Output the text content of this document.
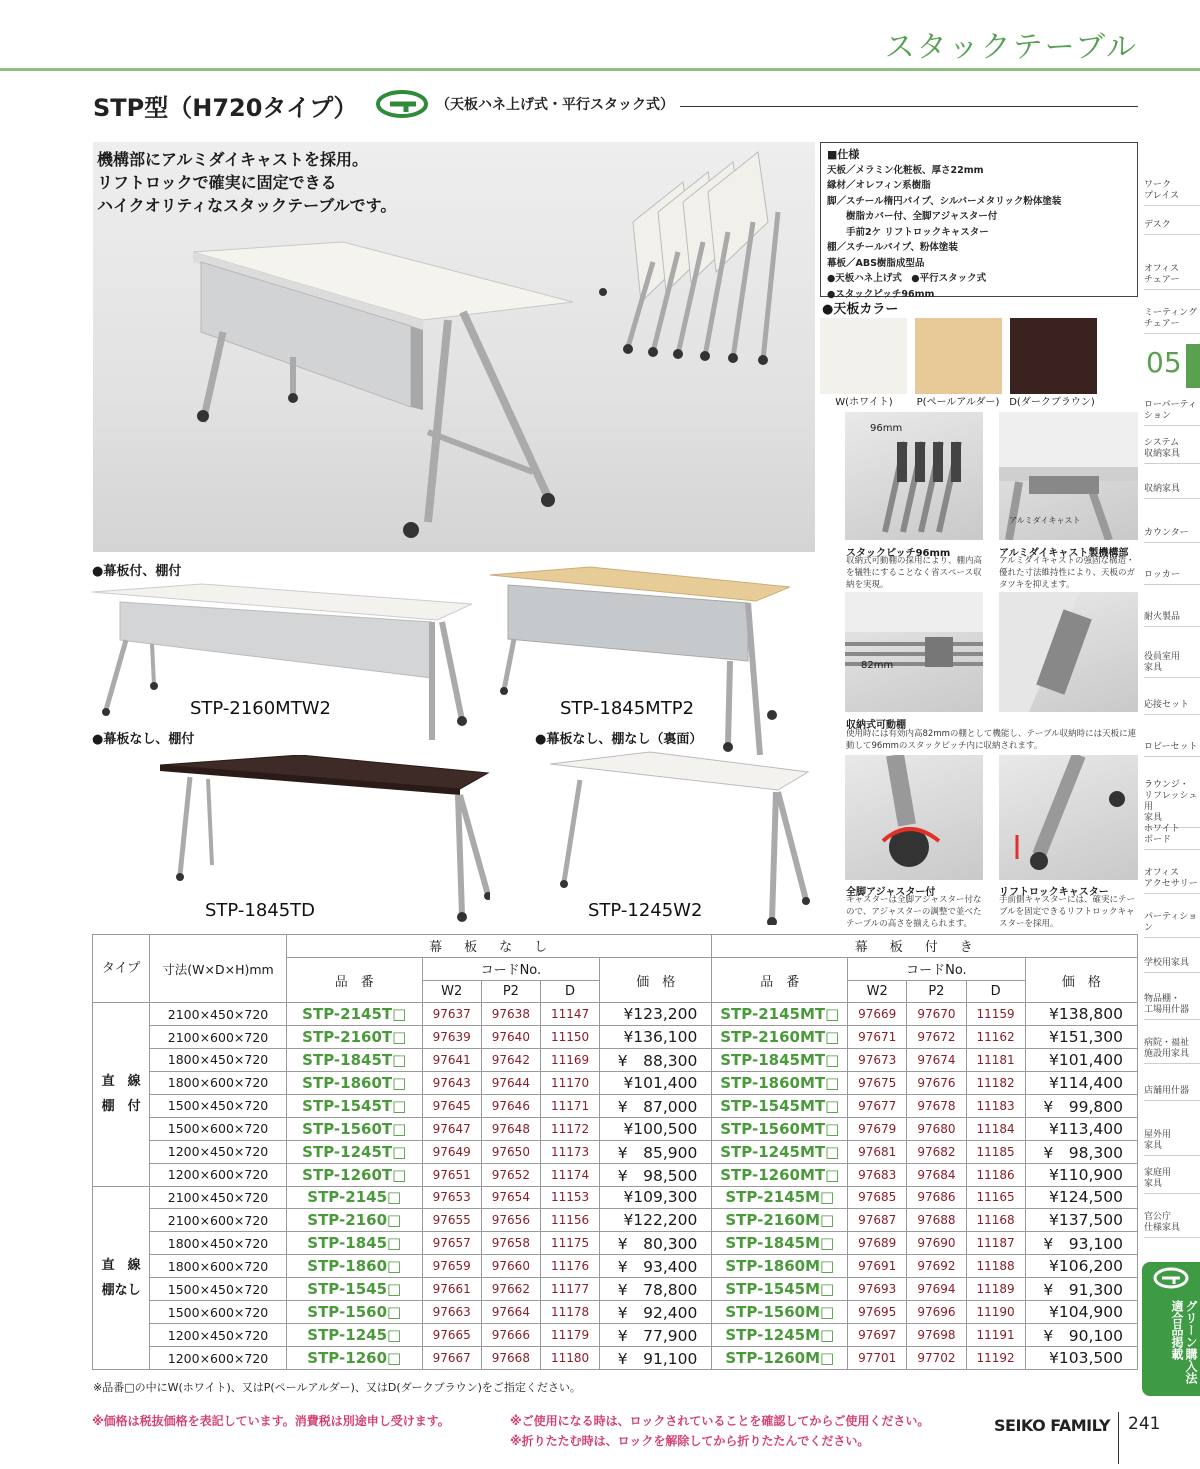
スタックテーブル
STP型（H720タイプ）	（天板ハネ上げ式・平行スタック式）
機構部にアルミダイキャストを採用。
リフトロックで確実に固定できる
ハイクオリティなスタックテーブルです。
■仕様
天板／メラミン化粧板、厚さ22mm
縁材／オレフィン系樹脂
脚／スチール楕円パイプ、シルバーメタリック粉体塗装
　　樹脂カバー付、全脚アジャスター付
　　手前2ケ リフトロックキャスター
棚／スチールパイプ、粉体塗装
幕板／ABS樹脂成型品
●天板ハネ上げ式　●平行スタック式
●スタックピッチ96mm
●天板カラー
W(ホワイト)	P(ペールアルダー) D(ダークブラウン)
96mm
スタックピッチ96mm
収納式可動棚の採用により、棚内高を犠牲にすることなく省スペース収納を実現。
アルミダイキャスト
アルミダイキャスト製機構部
アルミダイキャストの強固な構造・優れた寸法維持性により、天板のガタツキを抑えます。
82mm
収納式可動棚
使用時には有効内高82mmの棚として機能し、テーブル収納時には天板に連動して96mmのスタックピッチ内に収納されます。
全脚アジャスター付
キャスターは全脚アジャスター付なので、アジャスターの調整で並べたテーブルの高さを揃えられます。
リフトロックキャスター
手前側キャスターには、確実にテーブルを固定できるリフトロックキャスターを採用。
●幕板付、棚付
STP-2160MTW2	STP-1845MTP2
●幕板なし、棚付
STP-1845TD
●幕板なし、棚なし（裏面）
STP-1245W2
ワーク
プレイス
デスク
オフィス
チェアー
ミーティング
チェアー
ローパーティション
システム
収納家具
収納家具
カウンター
ロッカー
耐火製品
役員室用
家具
応接セット
ロビーセット
ラウンジ・
リフレッシュ用
家具
ホワイト
ボード
オフィス
アクセサリー
パーティション
学校用家具
物品棚・
工場用什器
病院・福祉
施設用家具
店舗用什器
屋外用
家具
家庭用
家具
官公庁
仕様家具
05
グリーン購入法適合品掲載
タイプ	寸法(W×D×H)mm	幕板なし					幕板付き				
		品　番	コードNo.			価　格	品　番	コードNo.			価　格
			W2	P2	D			W2	P2	D	
直　線
棚　付	2100×450×720	STP-2145T□	97637	97638	11147	¥123,200	STP-2145MT□	97669	97670	11159	¥138,800
	2100×600×720	STP-2160T□	97639	97640	11150	¥136,100	STP-2160MT□	97671	97672	11162	¥151,300
	1800×450×720	STP-1845T□	97641	97642	11169	¥　88,300	STP-1845MT□	97673	97674	11181	¥101,400
	1800×600×720	STP-1860T□	97643	97644	11170	¥101,400	STP-1860MT□	97675	97676	11182	¥114,400
	1500×450×720	STP-1545T□	97645	97646	11171	¥　87,000	STP-1545MT□	97677	97678	11183	¥　99,800
	1500×600×720	STP-1560T□	97647	97648	11172	¥100,500	STP-1560MT□	97679	97680	11184	¥113,400
	1200×450×720	STP-1245T□	97649	97650	11173	¥　85,900	STP-1245MT□	97681	97682	11185	¥　98,300
	1200×600×720	STP-1260T□	97651	97652	11174	¥　98,500	STP-1260MT□	97683	97684	11186	¥110,900
直　線
棚なし	2100×450×720	STP-2145□	97653	97654	11153	¥109,300	STP-2145M□	97685	97686	11165	¥124,500
	2100×600×720	STP-2160□	97655	97656	11156	¥122,200	STP-2160M□	97687	97688	11168	¥137,500
	1800×450×720	STP-1845□	97657	97658	11175	¥　80,300	STP-1845M□	97689	97690	11187	¥　93,100
	1800×600×720	STP-1860□	97659	97660	11176	¥　93,400	STP-1860M□	97691	97692	11188	¥106,200
	1500×450×720	STP-1545□	97661	97662	11177	¥　78,800	STP-1545M□	97693	97694	11189	¥　91,300
	1500×600×720	STP-1560□	97663	97664	11178	¥　92,400	STP-1560M□	97695	97696	11190	¥104,900
	1200×450×720	STP-1245□	97665	97666	11179	¥　77,900	STP-1245M□	97697	97698	11191	¥　90,100
	1200×600×720	STP-1260□	97667	97668	11180	¥　91,100	STP-1260M□	97701	97702	11192	¥103,500
※品番□の中にW(ホワイト)、又はP(ペールアルダー)、又はD(ダークブラウン)をご指定ください。
※価格は税抜価格を表記しています。消費税は別途申し受けます。	※ご使用になる時は、ロックされていることを確認してからご使用ください。
※折りたたむ時は、ロックを解除してから折りたたんでください。
SEIKO FAMILY 241
